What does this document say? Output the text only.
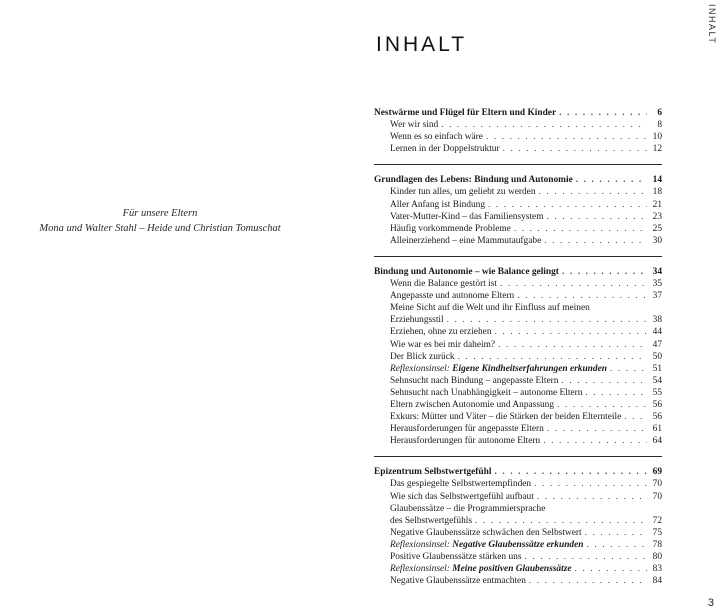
Für unsere Eltern
Mona und Walter Stahl – Heide und Christian Tomuschat
INHALT
INHALT
Nestwärme und Flügel für Eltern und Kinder . . .	6
Wer wir sind . . .	8
Wenn es so einfach wäre . . .	10
Lernen in der Doppelstruktur . . .	12
Grundlagen des Lebens: Bindung und Autonomie . . .	14
Kinder tun alles, um geliebt zu werden . . .	18
Aller Anfang ist Bindung . . .	21
Vater-Mutter-Kind – das Familiensystem . . .	23
Häufig vorkommende Probleme . . .	25
Alleinerziehend – eine Mammutaufgabe . . .	30
Bindung und Autonomie – wie Balance gelingt . . .	34
Wenn die Balance gestört ist . . .	35
Angepasste und autonome Eltern . . .	37
Meine Sicht auf die Welt und ihr Einfluss auf meinen
Erziehungsstil . . .	38
Erziehen, ohne zu erziehen . . .	44
Wie war es bei mir daheim? . . .	47
Der Blick zurück . . .	50
Reflexionsinsel: Eigene Kindheitserfahrungen erkunden . . .	51
Sehnsucht nach Bindung – angepasste Eltern . . .	54
Sehnsucht nach Unabhängigkeit – autonome Eltern . . .	55
Eltern zwischen Autonomie und Anpassung . . .	56
Exkurs: Mütter und Väter – die Stärken der beiden Elternteile . . .	56
Herausforderungen für angepasste Eltern . . .	61
Herausforderungen für autonome Eltern . . .	64
Epizentrum Selbstwertgefühl . . .	69
Das gespiegelte Selbstwertempfinden . . .	70
Wie sich das Selbstwertgefühl aufbaut . . .	70
Glaubenssätze – die Programmiersprache
des Selbstwertgefühls . . .	72
Negative Glaubenssätze schwächen den Selbstwert . . .	75
Reflexionsinsel: Negative Glaubenssätze erkunden . . .	78
Positive Glaubenssätze stärken uns . . .	80
Reflexionsinsel: Meine positiven Glaubenssätze . . .	83
Negative Glaubenssätze entmachten . . .	84
3
